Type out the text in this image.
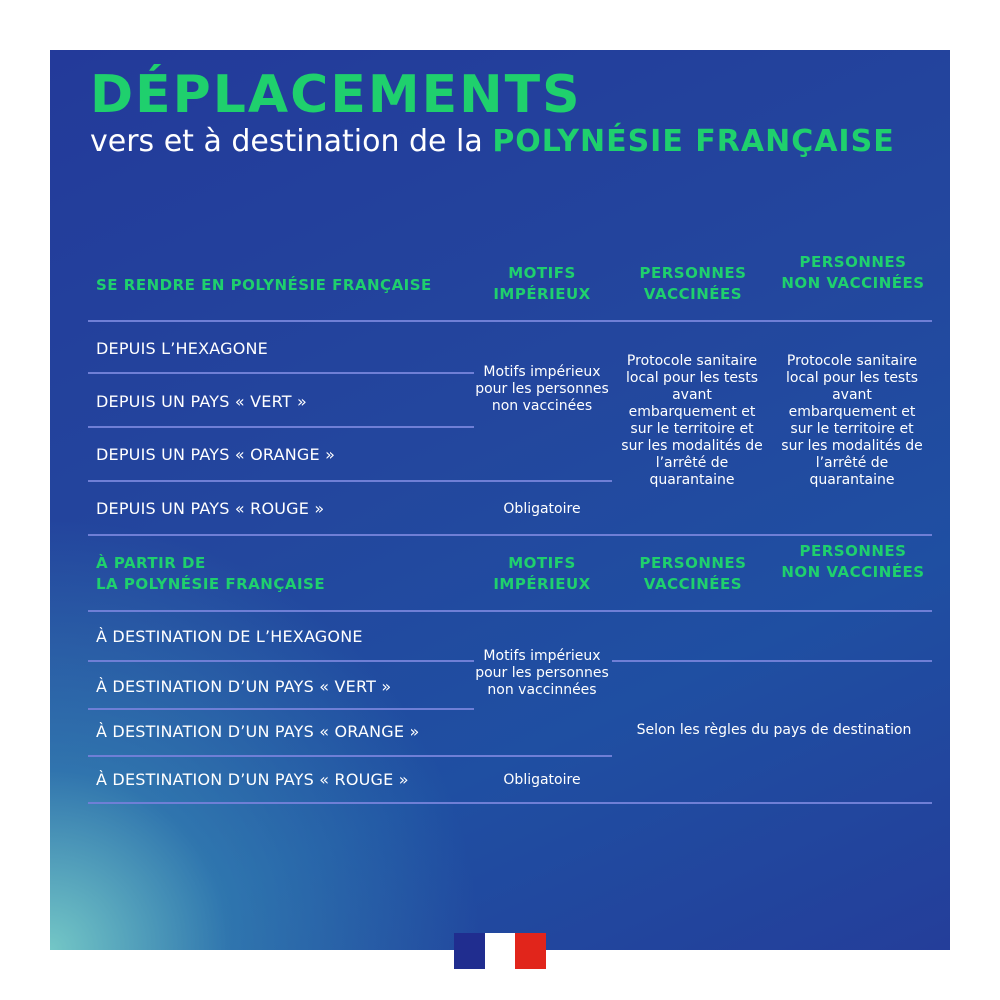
DÉPLACEMENTS
vers et à destination de la POLYNÉSIE FRANÇAISE
SE RENDRE EN POLYNÉSIE FRANÇAISE
MOTIFS IMPÉRIEUX
PERSONNES VACCINÉES
PERSONNES NON VACCINÉES
DEPUIS L’HEXAGONE
DEPUIS UN PAYS « VERT »
DEPUIS UN PAYS « ORANGE »
DEPUIS UN PAYS « ROUGE »
Motifs impérieux pour les personnes non vaccinées
Obligatoire
Protocole sanitaire local pour les tests avant embarquement et sur le territoire et sur les modalités de l’arrêté de quarantaine
Protocole sanitaire local pour les tests avant embarquement et sur le territoire et sur les modalités de l’arrêté de quarantaine
À PARTIR DE
LA POLYNÉSIE FRANÇAISE
MOTIFS IMPÉRIEUX
PERSONNES VACCINÉES
PERSONNES NON VACCINÉES
À DESTINATION DE L’HEXAGONE
À DESTINATION D’UN PAYS « VERT »
À DESTINATION D’UN PAYS « ORANGE »
À DESTINATION D’UN PAYS « ROUGE »
Motifs impérieux pour les personnes non vaccinnées
Obligatoire
Selon les règles du pays de destination
